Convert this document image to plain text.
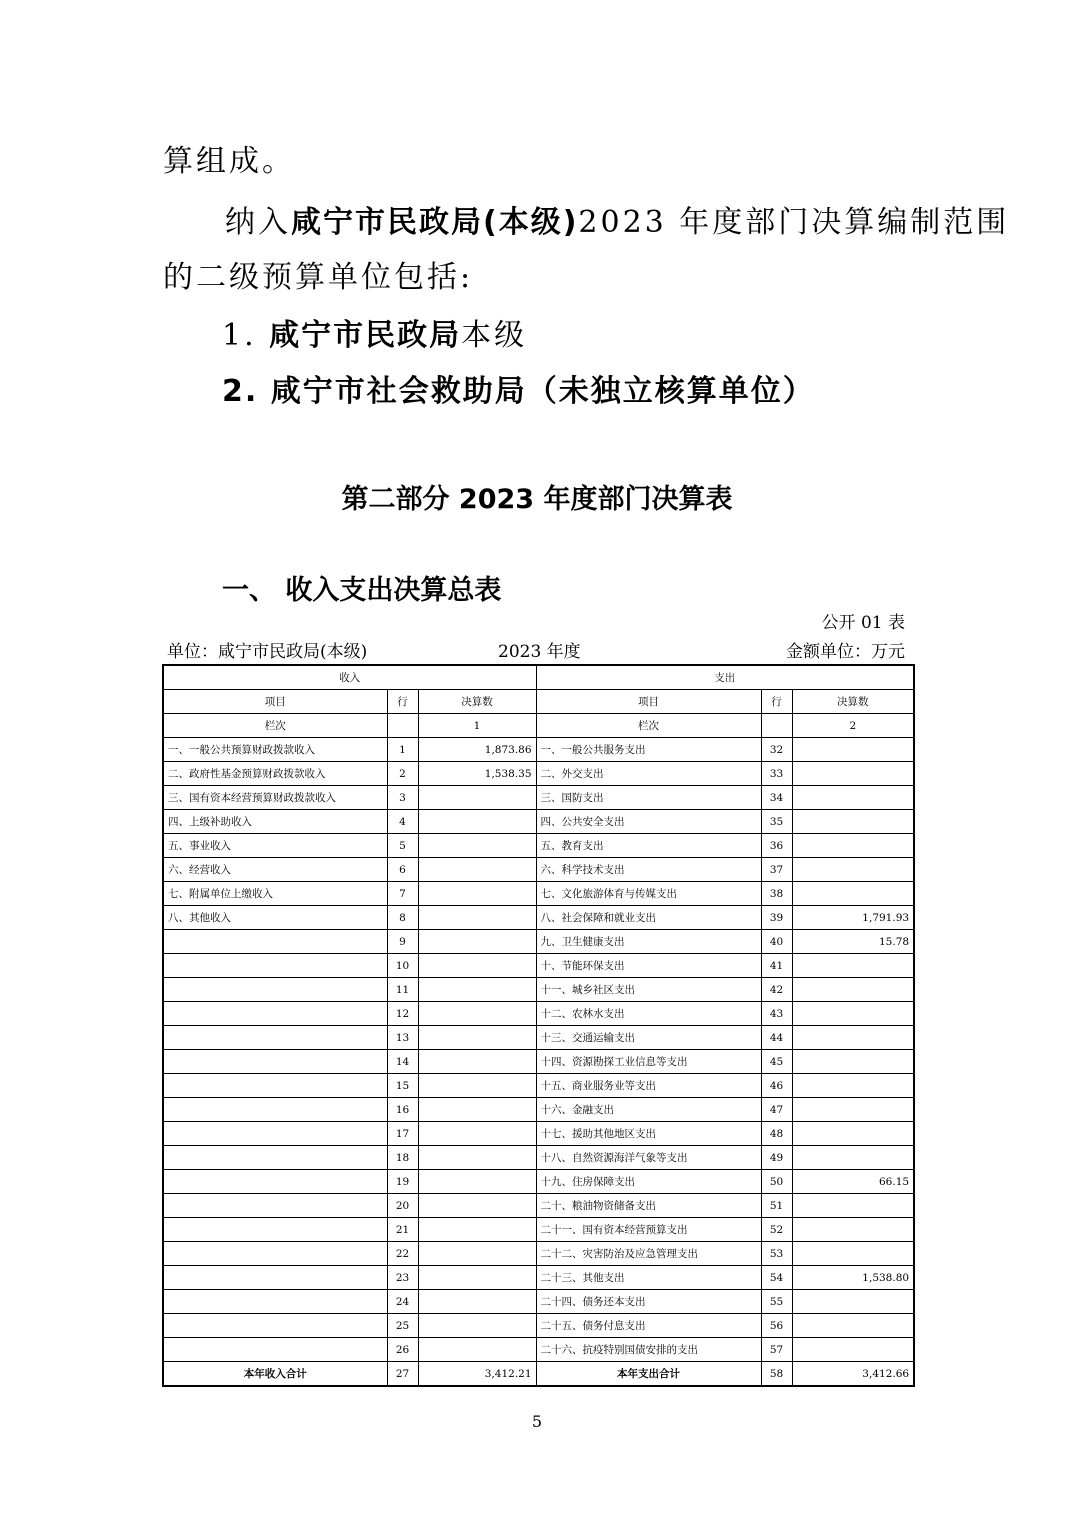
算组成。
纳入咸宁市民政局(本级)2023 年度部门决算编制范围
的二级预算单位包括:
1. 咸宁市民政局本级
2. 咸宁市社会救助局（未独立核算单位）
第二部分 2023 年度部门决算表
一、 收入支出决算总表
公开 01 表
单位：咸宁市民政局(本级)	2023 年度	金额单位：万元
收入			支出		
项目	行	决算数	项目	行	决算数
栏次		1	栏次		2
一、一般公共预算财政拨款收入	1	1,873.86	一、一般公共服务支出	32	
二、政府性基金预算财政拨款收入	2	1,538.35	二、外交支出	33	
三、国有资本经营预算财政拨款收入	3		三、国防支出	34	
四、上级补助收入	4		四、公共安全支出	35	
五、事业收入	5		五、教育支出	36	
六、经营收入	6		六、科学技术支出	37	
七、附属单位上缴收入	7		七、文化旅游体育与传媒支出	38	
八、其他收入	8		八、社会保障和就业支出	39	1,791.93
	9		九、卫生健康支出	40	15.78
	10		十、节能环保支出	41	
	11		十一、城乡社区支出	42	
	12		十二、农林水支出	43	
	13		十三、交通运输支出	44	
	14		十四、资源勘探工业信息等支出	45	
	15		十五、商业服务业等支出	46	
	16		十六、金融支出	47	
	17		十七、援助其他地区支出	48	
	18		十八、自然资源海洋气象等支出	49	
	19		十九、住房保障支出	50	66.15
	20		二十、粮油物资储备支出	51	
	21		二十一、国有资本经营预算支出	52	
	22		二十二、灾害防治及应急管理支出	53	
	23		二十三、其他支出	54	1,538.80
	24		二十四、债务还本支出	55	
	25		二十五、债务付息支出	56	
	26		二十六、抗疫特别国债安排的支出	57	
本年收入合计	27	3,412.21	本年支出合计	58	3,412.66
5
